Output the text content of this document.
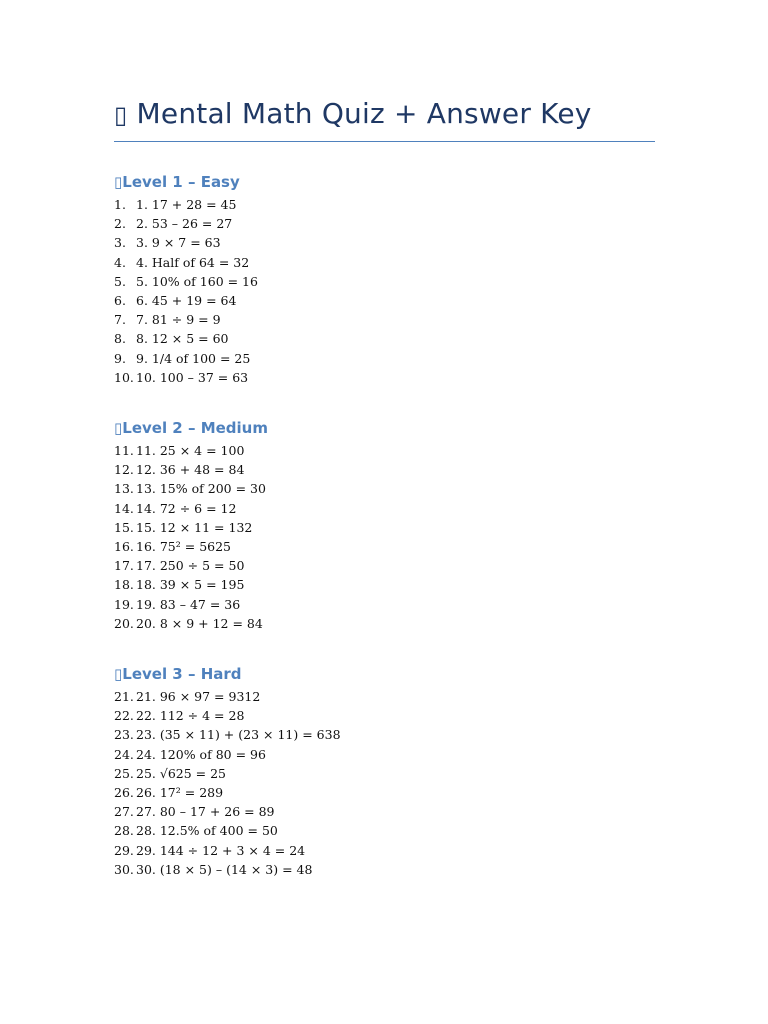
▯ Mental Math Quiz + Answer Key
▯Level 1 – Easy
1. 1. 17 + 28 = 45
2. 2. 53 – 26 = 27
3. 3. 9 × 7 = 63
4. 4. Half of 64 = 32
5. 5. 10% of 160 = 16
6. 6. 45 + 19 = 64
7. 7. 81 ÷ 9 = 9
8. 8. 12 × 5 = 60
9. 9. 1/4 of 100 = 25
10. 10. 100 – 37 = 63
▯Level 2 – Medium
11. 11. 25 × 4 = 100
12. 12. 36 + 48 = 84
13. 13. 15% of 200 = 30
14. 14. 72 ÷ 6 = 12
15. 15. 12 × 11 = 132
16. 16. 75² = 5625
17. 17. 250 ÷ 5 = 50
18. 18. 39 × 5 = 195
19. 19. 83 – 47 = 36
20. 20. 8 × 9 + 12 = 84
▯Level 3 – Hard
21. 21. 96 × 97 = 9312
22. 22. 112 ÷ 4 = 28
23. 23. (35 × 11) + (23 × 11) = 638
24. 24. 120% of 80 = 96
25. 25. √625 = 25
26. 26. 17² = 289
27. 27. 80 – 17 + 26 = 89
28. 28. 12.5% of 400 = 50
29. 29. 144 ÷ 12 + 3 × 4 = 24
30. 30. (18 × 5) – (14 × 3) = 48
